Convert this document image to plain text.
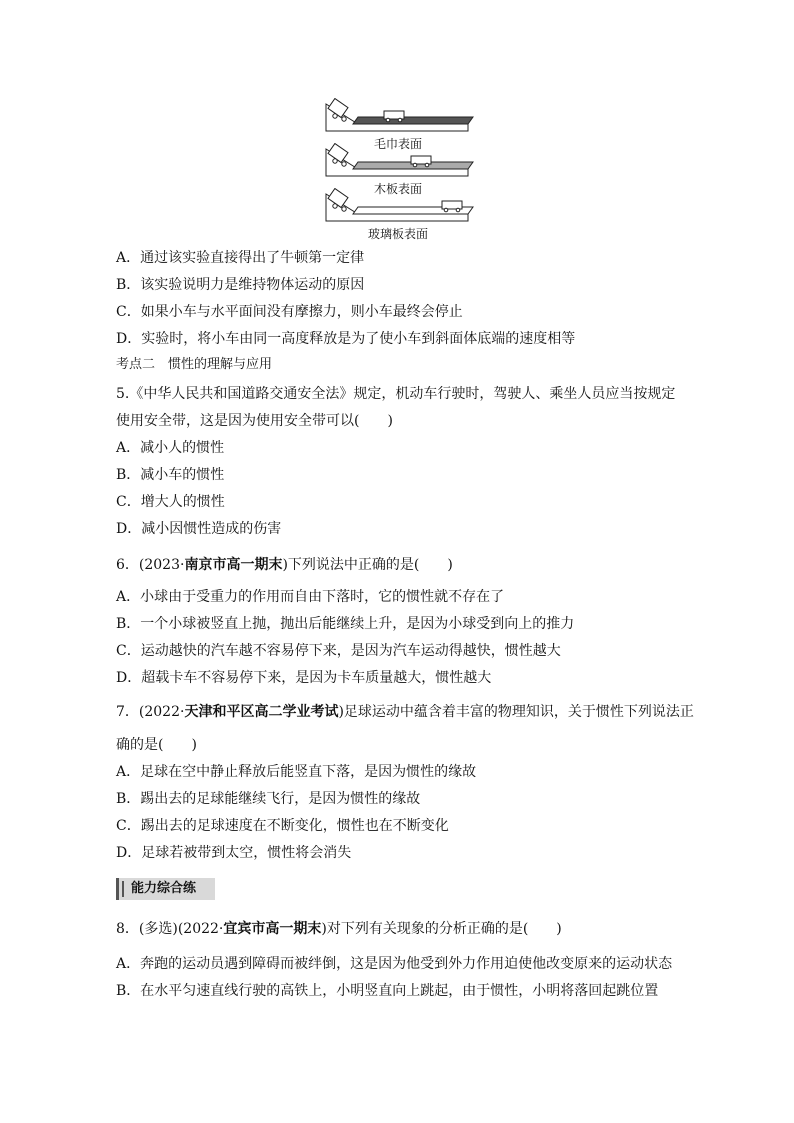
毛巾表面
木板表面
玻璃板表面
A．通过该实验直接得出了牛顿第一定律
B．该实验说明力是维持物体运动的原因
C．如果小车与水平面间没有摩擦力，则小车最终会停止
D．实验时，将小车由同一高度释放是为了使小车到斜面体底端的速度相等
考点二　惯性的理解与应用
5.《中华人民共和国道路交通安全法》规定，机动车行驶时，驾驶人、乘坐人员应当按规定
使用安全带，这是因为使用安全带可以(　　)
A．减小人的惯性
B．减小车的惯性
C．增大人的惯性
D．减小因惯性造成的伤害
6．(2023·南京市高一期末)下列说法中正确的是(　　)
A．小球由于受重力的作用而自由下落时，它的惯性就不存在了
B．一个小球被竖直上抛，抛出后能继续上升，是因为小球受到向上的推力
C．运动越快的汽车越不容易停下来，是因为汽车运动得越快，惯性越大
D．超载卡车不容易停下来，是因为卡车质量越大，惯性越大
7．(2022·天津和平区高二学业考试)足球运动中蕴含着丰富的物理知识，关于惯性下列说法正
确的是(　　)
A．足球在空中静止释放后能竖直下落，是因为惯性的缘故
B．踢出去的足球能继续飞行，是因为惯性的缘故
C．踢出去的足球速度在不断变化，惯性也在不断变化
D．足球若被带到太空，惯性将会消失
能力综合练
8．(多选)(2022·宜宾市高一期末)对下列有关现象的分析正确的是(　　)
A．奔跑的运动员遇到障碍而被绊倒，这是因为他受到外力作用迫使他改变原来的运动状态
B．在水平匀速直线行驶的高铁上，小明竖直向上跳起，由于惯性，小明将落回起跳位置
